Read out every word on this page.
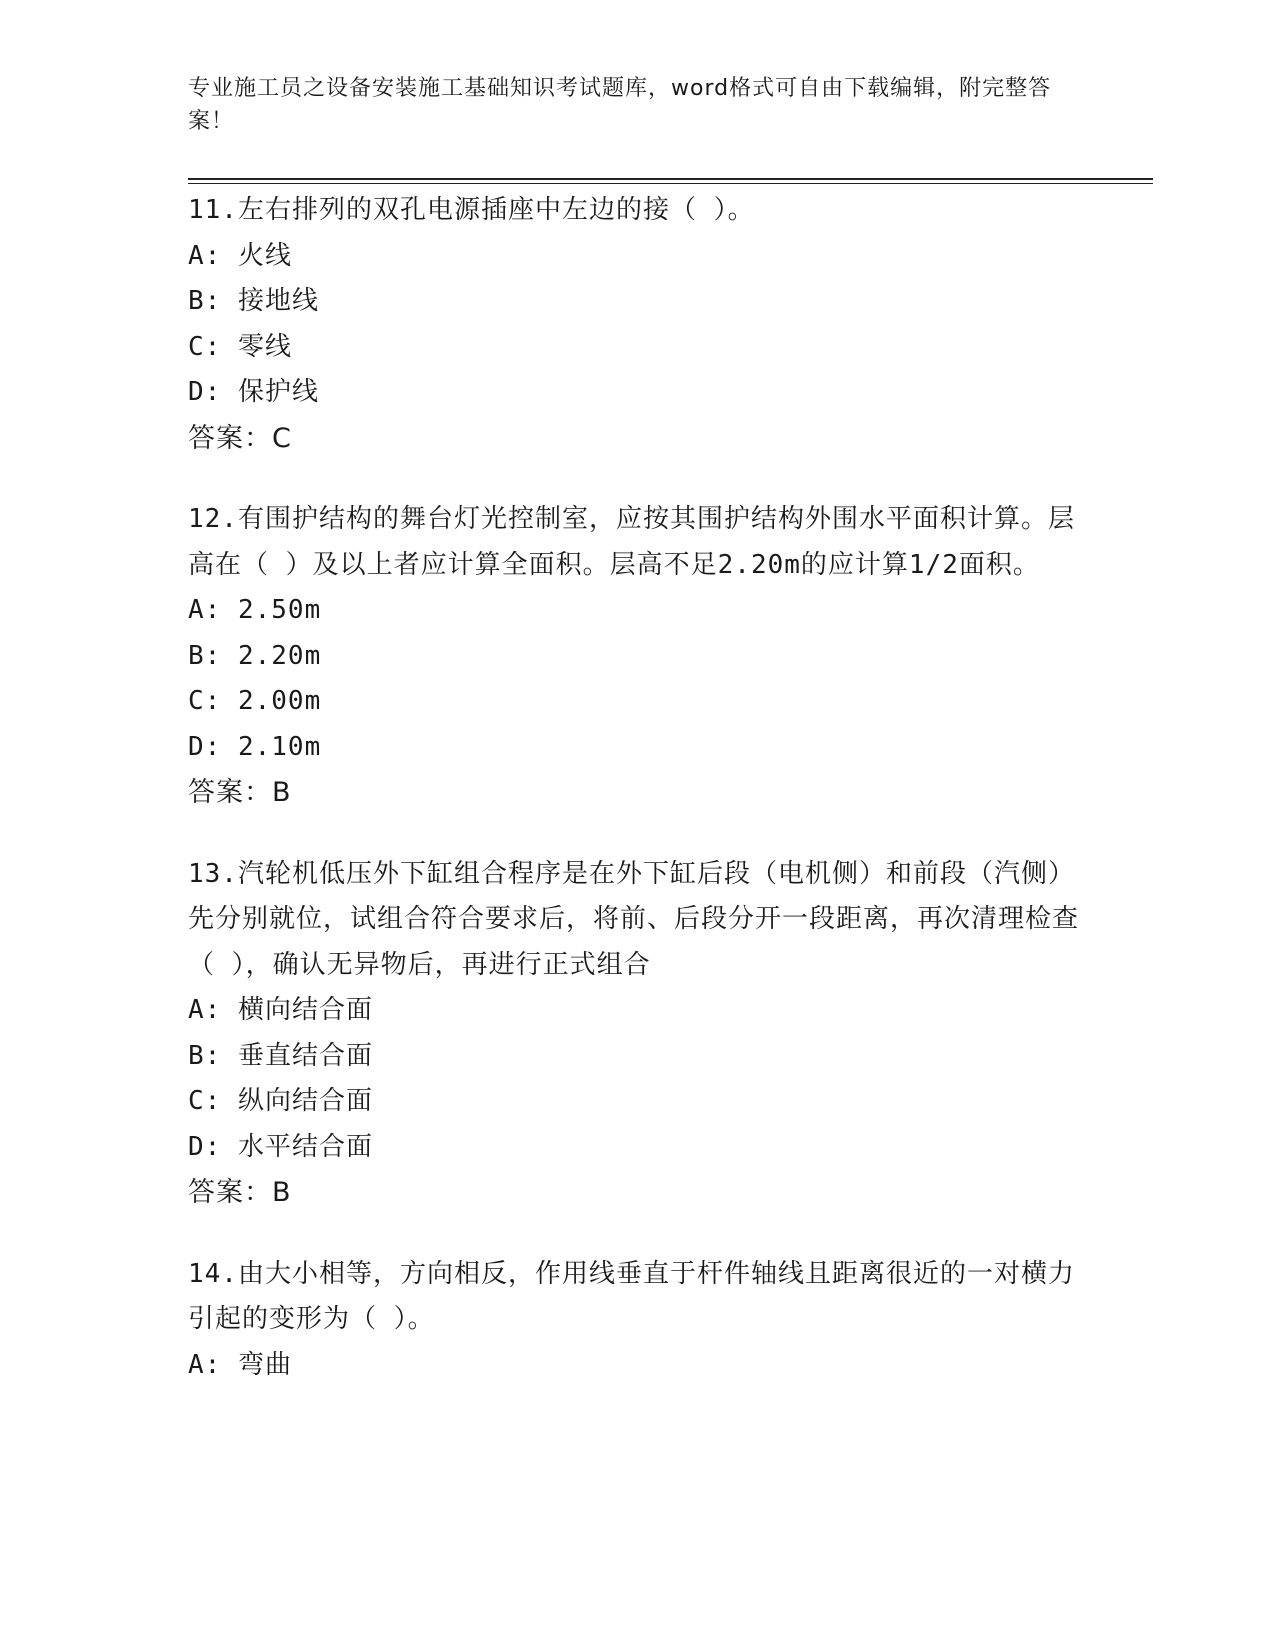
专业施工员之设备安装施工基础知识考试题库，word格式可自由下载编辑，附完整答案！
11.左右排列的双孔电源插座中左边的接（ ）。
A: 火线
B: 接地线
C: 零线
D: 保护线
答案：C
12.有围护结构的舞台灯光控制室，应按其围护结构外围水平面积计算。层高在（ ）及以上者应计算全面积。层高不足2.20m的应计算1/2面积。
A: 2.50m
B: 2.20m
C: 2.00m
D: 2.10m
答案：B
13.汽轮机低压外下缸组合程序是在外下缸后段（电机侧）和前段（汽侧）先分别就位，试组合符合要求后，将前、后段分开一段距离，再次清理检查（ ），确认无异物后，再进行正式组合
A: 横向结合面
B: 垂直结合面
C: 纵向结合面
D: 水平结合面
答案：B
14.由大小相等，方向相反，作用线垂直于杆件轴线且距离很近的一对横力引起的变形为（ ）。
A: 弯曲
